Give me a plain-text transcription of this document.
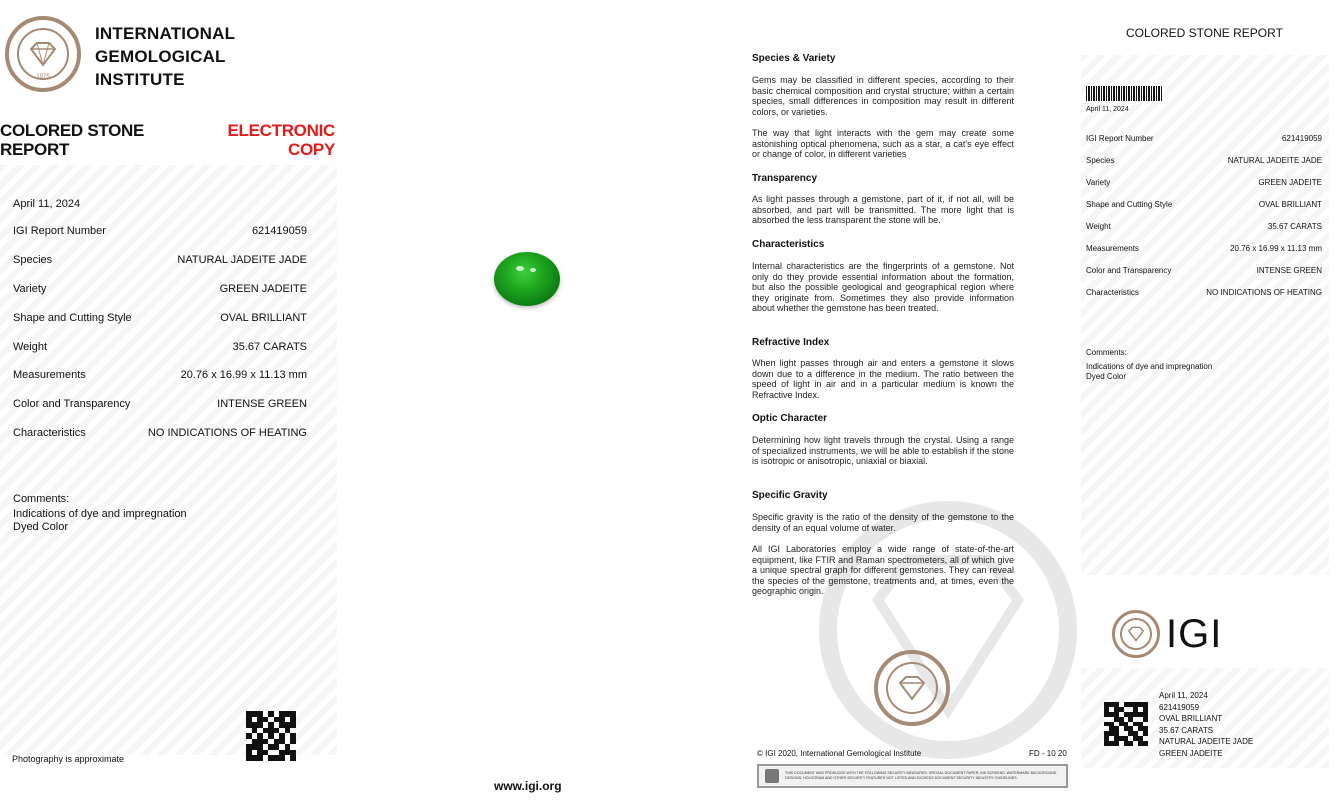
1975
INTERNATIONAL
GEMOLOGICAL
INSTITUTE
COLORED STONE
REPORT
ELECTRONIC
COPY
April 11, 2024
IGI Report Number	621419059
Species	NATURAL JADEITE JADE
Variety	GREEN JADEITE
Shape and Cutting Style	OVAL BRILLIANT
Weight	35.67 CARATS
Measurements	20.76 x 16.99 x 11.13 mm
Color and Transparency	INTENSE GREEN
Characteristics	NO INDICATIONS OF HEATING
Comments:
Indications of dye and impregnation
Dyed Color
Photography is approximate
www.igi.org
Species & Variety
Gems may be classified in different species, according to their basic chemical composition and crystal structure; within a certain species, small differences in composition may result in different colors, or varieties.
The way that light interacts with the gem may create some astonishing optical phenomena, such as a star, a cat's eye effect or change of color, in different varieties
Transparency
As light passes through a gemstone, part of it, if not all, will be absorbed, and part will be transmitted. The more light that is absorbed the less transparent the stone will be.
Characteristics
Internal characteristics are the fingerprints of a gemstone. Not only do they provide essential information about the formation, but also the possible geological and geographical region where they originate from. Sometimes they also provide information about whether the gemstone has been treated.
Refractive Index
When light passes through air and enters a gemstone it slows down due to a difference in the medium. The ratio between the speed of light in air and in a particular medium is known the Refractive Index.
Optic Character
Determining how light travels through the crystal. Using a range of specialized instruments, we will be able to establish if the stone is isotropic or anisotropic, uniaxial or biaxial.
Specific Gravity
Specific gravity is the ratio of the density of the gemstone to the density of an equal volume of water.
All IGI Laboratories employ a wide range of state-of-the-art equipment, like FTIR and Raman spectrometers, all of which give a unique spectral graph for different gemstones. They can reveal the species of the gemstone, treatments and, at times, even the geographic origin.
© IGI 2020, International Gemological Institute	FD - 10 20
THIS DOCUMENT WAS PRODUCED WITH THE FOLLOWING SECURITY MEASURES: SPECIAL DOCUMENT PAPER, INK SCREENS, WATERMARK BACKGROUND DESIGNS, HOLOGRAM AND OTHER SECURITY FEATURES NOT LISTED AND EXCEEDS DOCUMENT SECURITY INDUSTRY GUIDELINES.
COLORED STONE REPORT
April 11, 2024
IGI Report Number	621419059
Species	NATURAL JADEITE JADE
Variety	GREEN JADEITE
Shape and Cutting Style	OVAL BRILLIANT
Weight	35.67 CARATS
Measurements	20.76 x 16.99 x 11.13 mm
Color and Transparency	INTENSE GREEN
Characteristics	NO INDICATIONS OF HEATING
Comments:
Indications of dye and impregnation
Dyed Color
IGI
April 11, 2024
621419059
OVAL BRILLIANT
35.67 CARATS
NATURAL JADEITE JADE
GREEN JADEITE
